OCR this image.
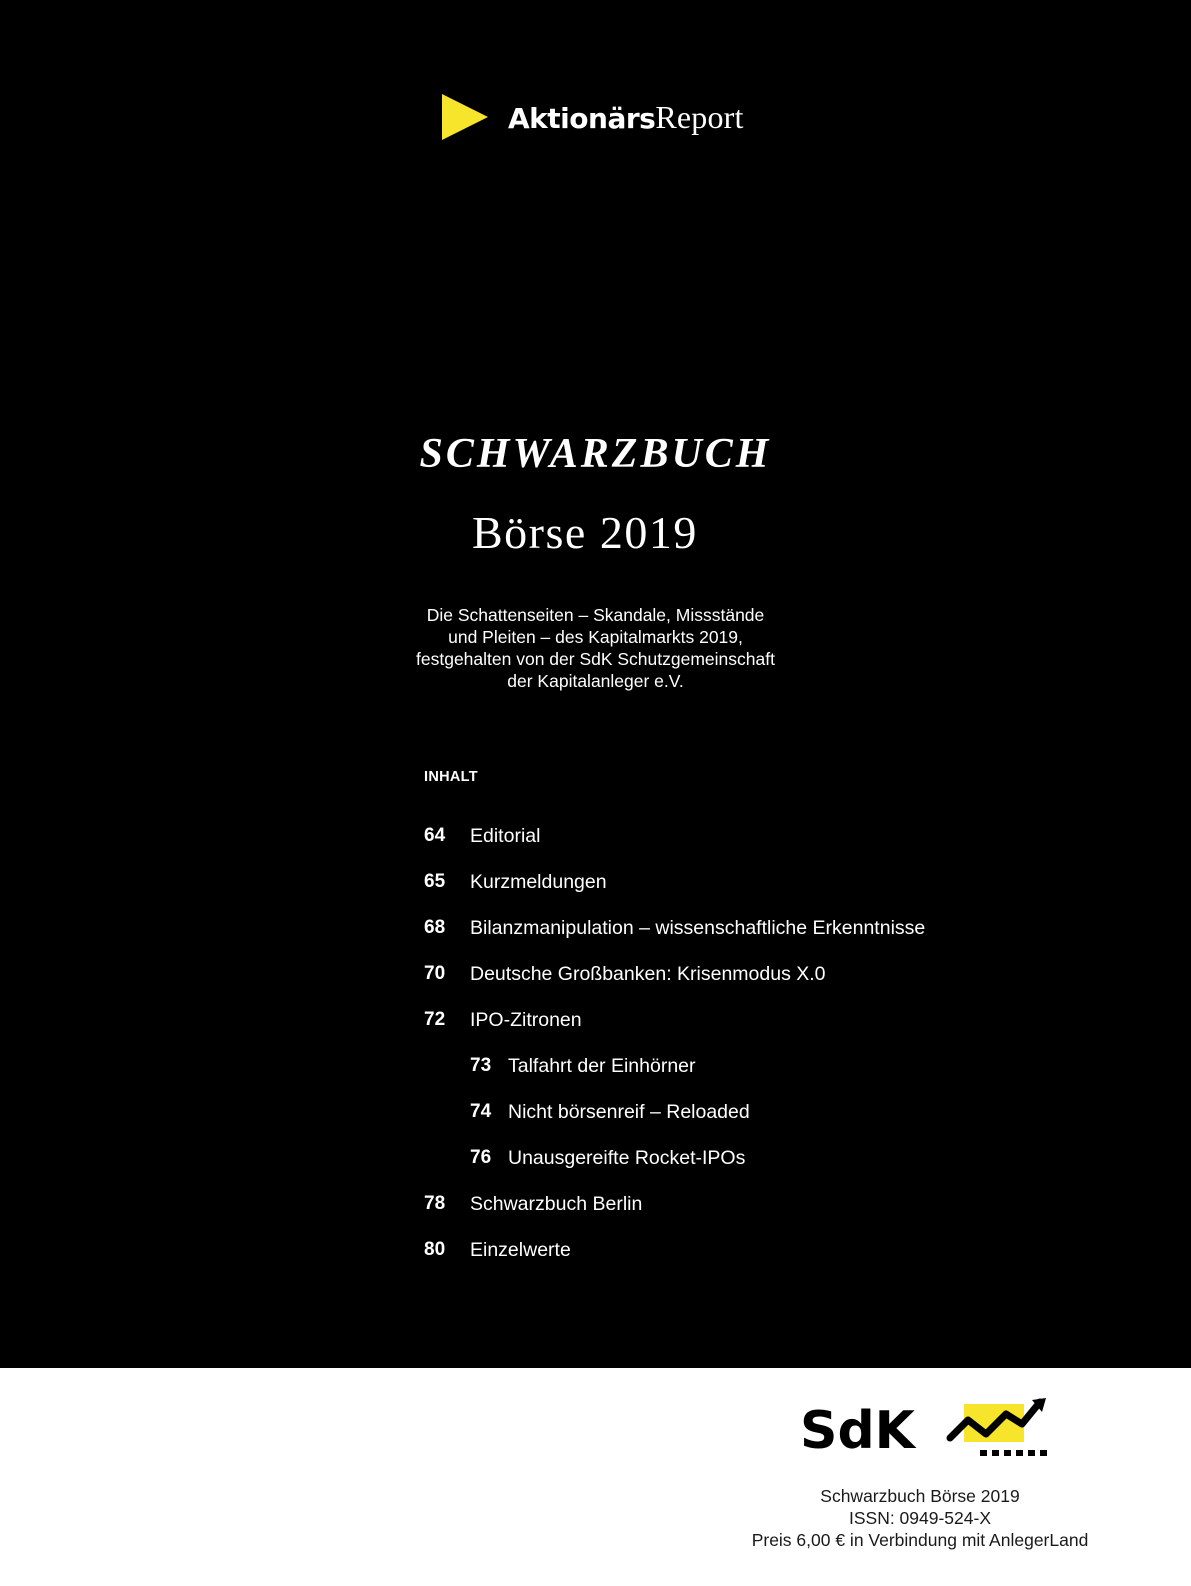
AktionärsReport
SCHWARZBUCH
Börse 2019
Die Schattenseiten – Skandale, Missstände
und Pleiten – des Kapitalmarkts 2019,
festgehalten von der SdK Schutzgemeinschaft
der Kapitalanleger e.V.
INHALT
64	Editorial
65	Kurzmeldungen
68	Bilanzmanipulation – wissenschaftliche Erkenntnisse
70	Deutsche Großbanken: Krisenmodus X.0
72	IPO-Zitronen
73 Talfahrt der Einhörner
74 Nicht börsenreif – Reloaded
76 Unausgereifte Rocket-IPOs
78	Schwarzbuch Berlin
80	Einzelwerte
SdK
Schwarzbuch Börse 2019
ISSN: 0949-524-X
Preis 6,00 € in Verbindung mit AnlegerLand
